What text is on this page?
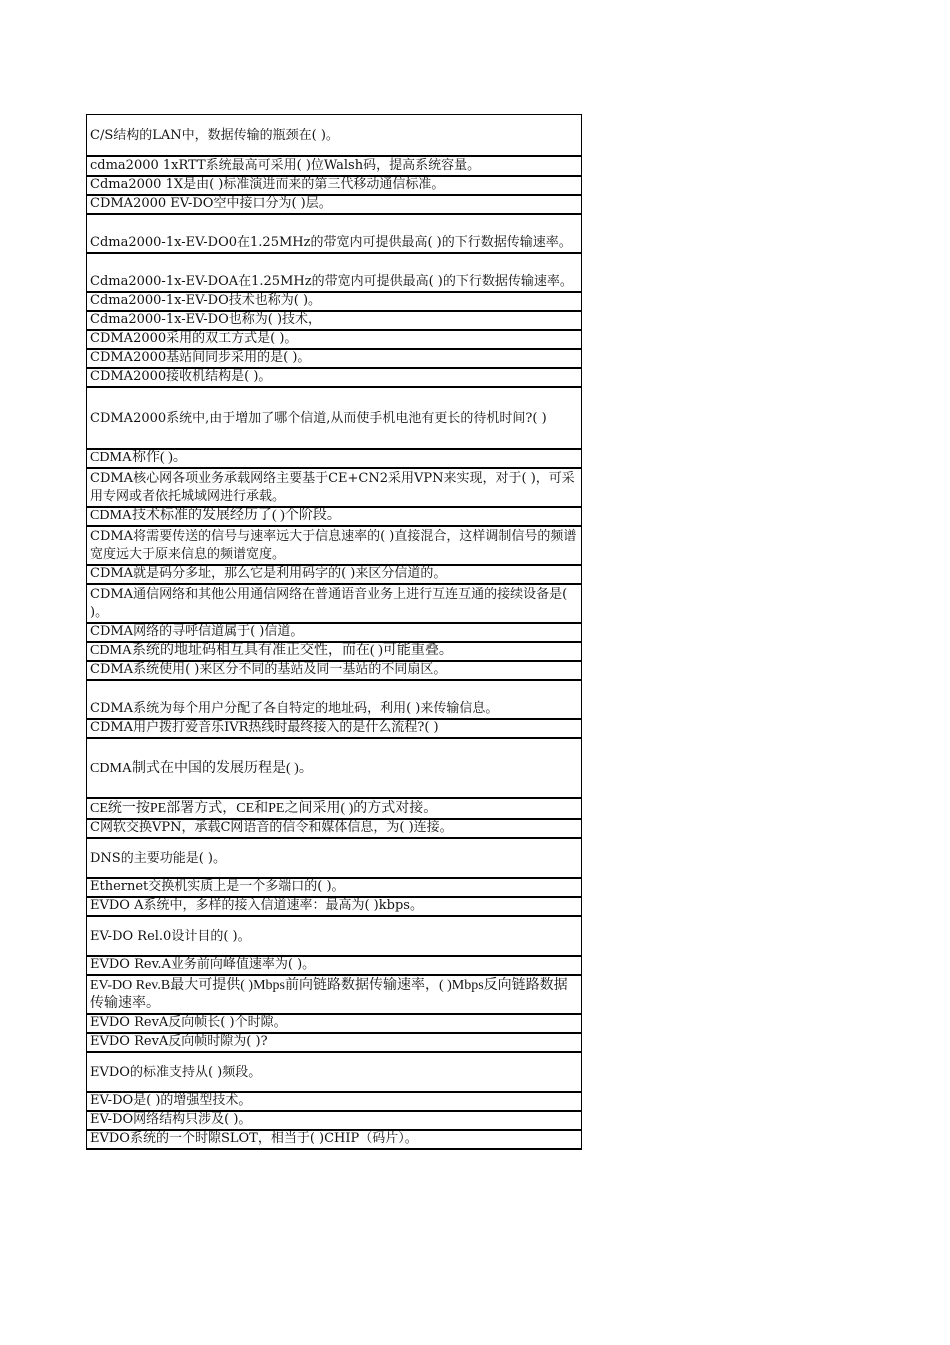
C/S结构的LAN中，数据传输的瓶颈在( )。
cdma2000 1xRTT系统最高可采用( )位Walsh码，提高系统容量。
Cdma2000 1X是由( )标准演进而来的第三代移动通信标准。
CDMA2000 EV-DO空中接口分为( )层。
Cdma2000-1x-EV-DO0在1.25MHz的带宽内可提供最高( )的下行数据传输速率。
Cdma2000-1x-EV-DOA在1.25MHz的带宽内可提供最高( )的下行数据传输速率。
Cdma2000-1x-EV-DO技术也称为( )。
Cdma2000-1x-EV-DO也称为( )技术，
CDMA2000采用的双工方式是( )。
CDMA2000基站间同步采用的是( )。
CDMA2000接收机结构是( )。
CDMA2000系统中,由于增加了哪个信道,从而使手机电池有更长的待机时间?( )
CDMA称作( )。
CDMA核心网各项业务承载网络主要基于CE+CN2采用VPN来实现，对于( )，可采用专网或者依托城域网进行承载。
CDMA技术标准的发展经历了( )个阶段。
CDMA将需要传送的信号与速率远大于信息速率的( )直接混合，这样调制信号的频谱宽度远大于原来信息的频谱宽度。
CDMA就是码分多址，那么它是利用码字的( )来区分信道的。
CDMA通信网络和其他公用通信网络在普通语音业务上进行互连互通的接续设备是( )。
CDMA网络的寻呼信道属于( )信道。
CDMA系统的地址码相互具有准正交性，而在( )可能重叠。
CDMA系统使用( )来区分不同的基站及同一基站的不同扇区。
CDMA系统为每个用户分配了各自特定的地址码，利用( )来传输信息。
CDMA用户拨打爱音乐IVR热线时最终接入的是什么流程?( )
CDMA制式在中国的发展历程是( )。
CE统一按PE部署方式，CE和PE之间采用( )的方式对接。
C网软交换VPN，承载C网语音的信令和媒体信息，为( )连接。
DNS的主要功能是( )。
Ethernet交换机实质上是一个多端口的( )。
EVDO A系统中，多样的接入信道速率：最高为( )kbps。
EV-DO Rel.0设计目的( )。
EVDO Rev.A业务前向峰值速率为( )。
EV-DO Rev.B最大可提供( )Mbps前向链路数据传输速率，( )Mbps反向链路数据传输速率。
EVDO RevA反向帧长( )个时隙。
EVDO RevA反向帧时隙为( )?
EVDO的标准支持从( )频段。
EV-DO是( )的增强型技术。
EV-DO网络结构只涉及( )。
EVDO系统的一个时隙SLOT，相当于( )CHIP（码片）。
